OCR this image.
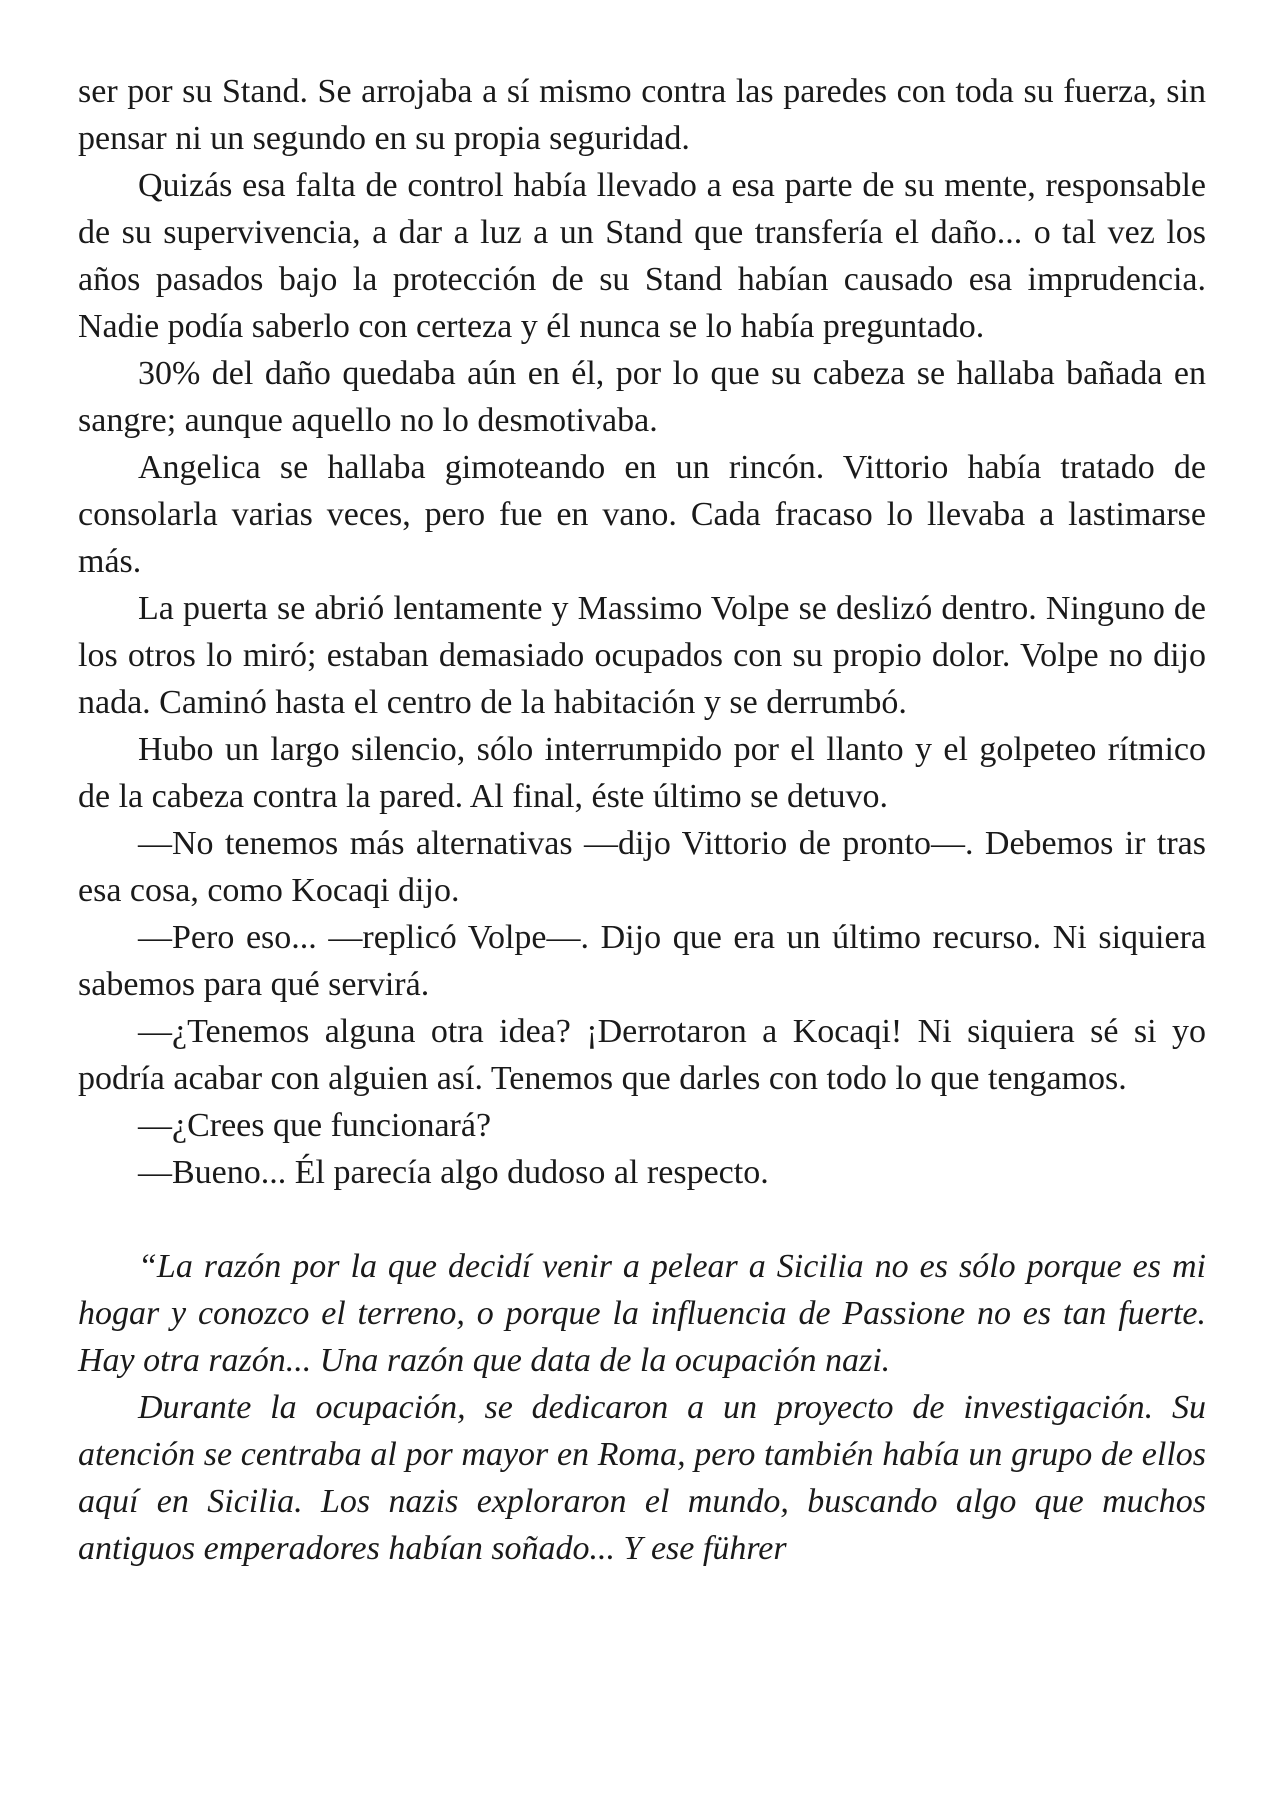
ser por su Stand. Se arrojaba a sí mismo contra las paredes con toda su fuerza, sin pensar ni un segundo en su propia seguridad.

Quizás esa falta de control había llevado a esa parte de su mente, responsable de su supervivencia, a dar a luz a un Stand que transfería el daño... o tal vez los años pasados bajo la protección de su Stand habían causado esa imprudencia. Nadie podía saberlo con certeza y él nunca se lo había preguntado.

30% del daño quedaba aún en él, por lo que su cabeza se hallaba bañada en sangre; aunque aquello no lo desmotivaba.

Angelica se hallaba gimoteando en un rincón. Vittorio había tratado de consolarla varias veces, pero fue en vano. Cada fracaso lo llevaba a lastimarse más.

La puerta se abrió lentamente y Massimo Volpe se deslizó dentro. Ninguno de los otros lo miró; estaban demasiado ocupados con su propio dolor. Volpe no dijo nada. Caminó hasta el centro de la habitación y se derrumbó.

Hubo un largo silencio, sólo interrumpido por el llanto y el golpeteo rítmico de la cabeza contra la pared. Al final, éste último se detuvo.

—No tenemos más alternativas —dijo Vittorio de pronto—. Debemos ir tras esa cosa, como Kocaqi dijo.

—Pero eso... —replicó Volpe—. Dijo que era un último recurso. Ni siquiera sabemos para qué servirá.

—¿Tenemos alguna otra idea? ¡Derrotaron a Kocaqi! Ni siquiera sé si yo podría acabar con alguien así. Tenemos que darles con todo lo que tengamos.

—¿Crees que funcionará?

—Bueno... Él parecía algo dudoso al respecto.

“La razón por la que decidí venir a pelear a Sicilia no es sólo porque es mi hogar y conozco el terreno, o porque la influencia de Passione no es tan fuerte. Hay otra razón... Una razón que data de la ocupación nazi.

Durante la ocupación, se dedicaron a un proyecto de investigación. Su atención se centraba al por mayor en Roma, pero también había un grupo de ellos aquí en Sicilia. Los nazis exploraron el mundo, buscando algo que muchos antiguos emperadores habían soñado... Y ese führer
